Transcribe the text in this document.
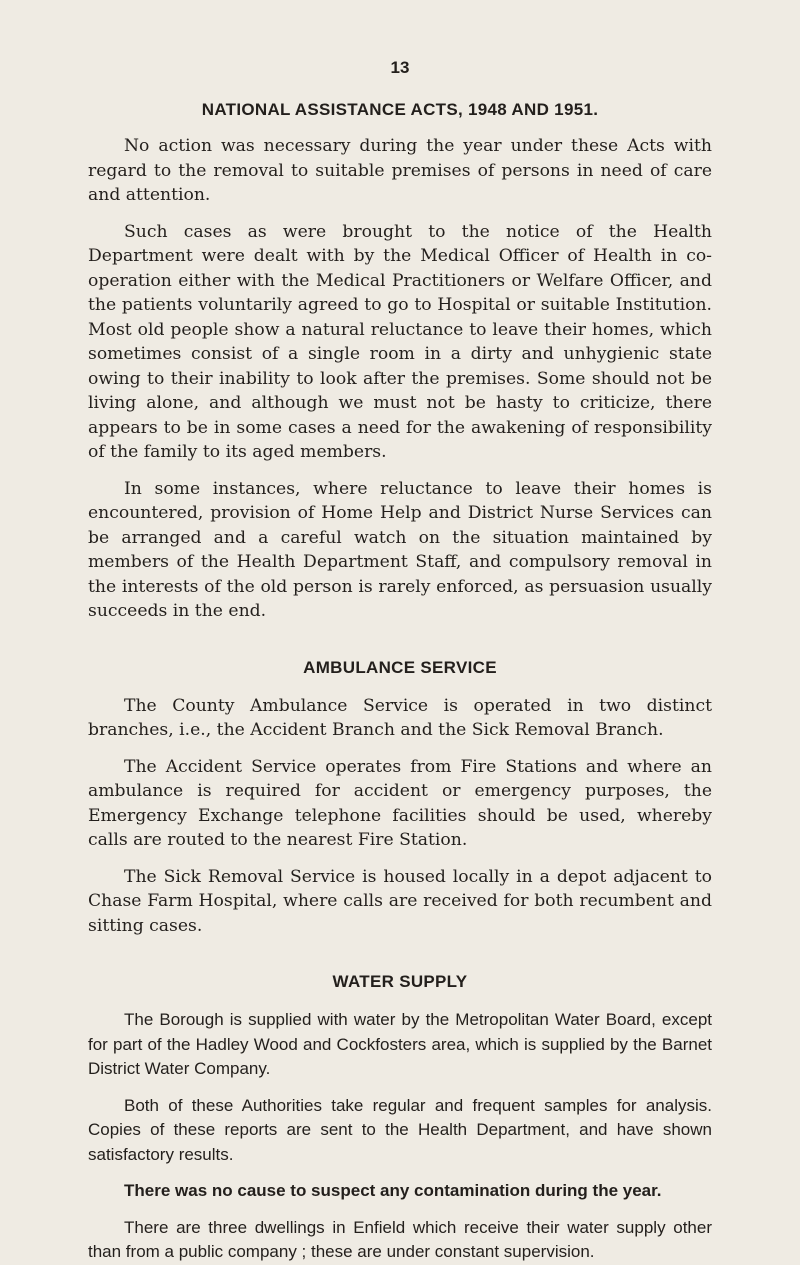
13
NATIONAL ASSISTANCE ACTS, 1948 AND 1951.

No action was necessary during the year under these Acts with regard to the removal to suitable premises of persons in need of care and attention.

Such cases as were brought to the notice of the Health Department were dealt with by the Medical Officer of Health in co-operation either with the Medical Practitioners or Welfare Officer, and the patients voluntarily agreed to go to Hospital or suitable Institution. Most old people show a natural reluctance to leave their homes, which sometimes consist of a single room in a dirty and unhygienic state owing to their inability to look after the premises. Some should not be living alone, and although we must not be hasty to criticize, there appears to be in some cases a need for the awakening of responsibility of the family to its aged members.

In some instances, where reluctance to leave their homes is encountered, provision of Home Help and District Nurse Services can be arranged and a careful watch on the situation maintained by members of the Health Department Staff, and compulsory removal in the interests of the old person is rarely enforced, as persuasion usually succeeds in the end.

AMBULANCE SERVICE

The County Ambulance Service is operated in two distinct branches, i.e., the Accident Branch and the Sick Removal Branch.

The Accident Service operates from Fire Stations and where an ambulance is required for accident or emergency purposes, the Emergency Exchange telephone facilities should be used, whereby calls are routed to the nearest Fire Station.

The Sick Removal Service is housed locally in a depot adjacent to Chase Farm Hospital, where calls are received for both recumbent and sitting cases.

WATER SUPPLY

The Borough is supplied with water by the Metropolitan Water Board, except for part of the Hadley Wood and Cockfosters area, which is supplied by the Barnet District Water Company.

Both of these Authorities take regular and frequent samples for analysis. Copies of these reports are sent to the Health Department, and have shown satisfactory results.

There was no cause to suspect any contamination during the year.

There are three dwellings in Enfield which receive their water supply other than from a public company ; these are under constant supervision.
